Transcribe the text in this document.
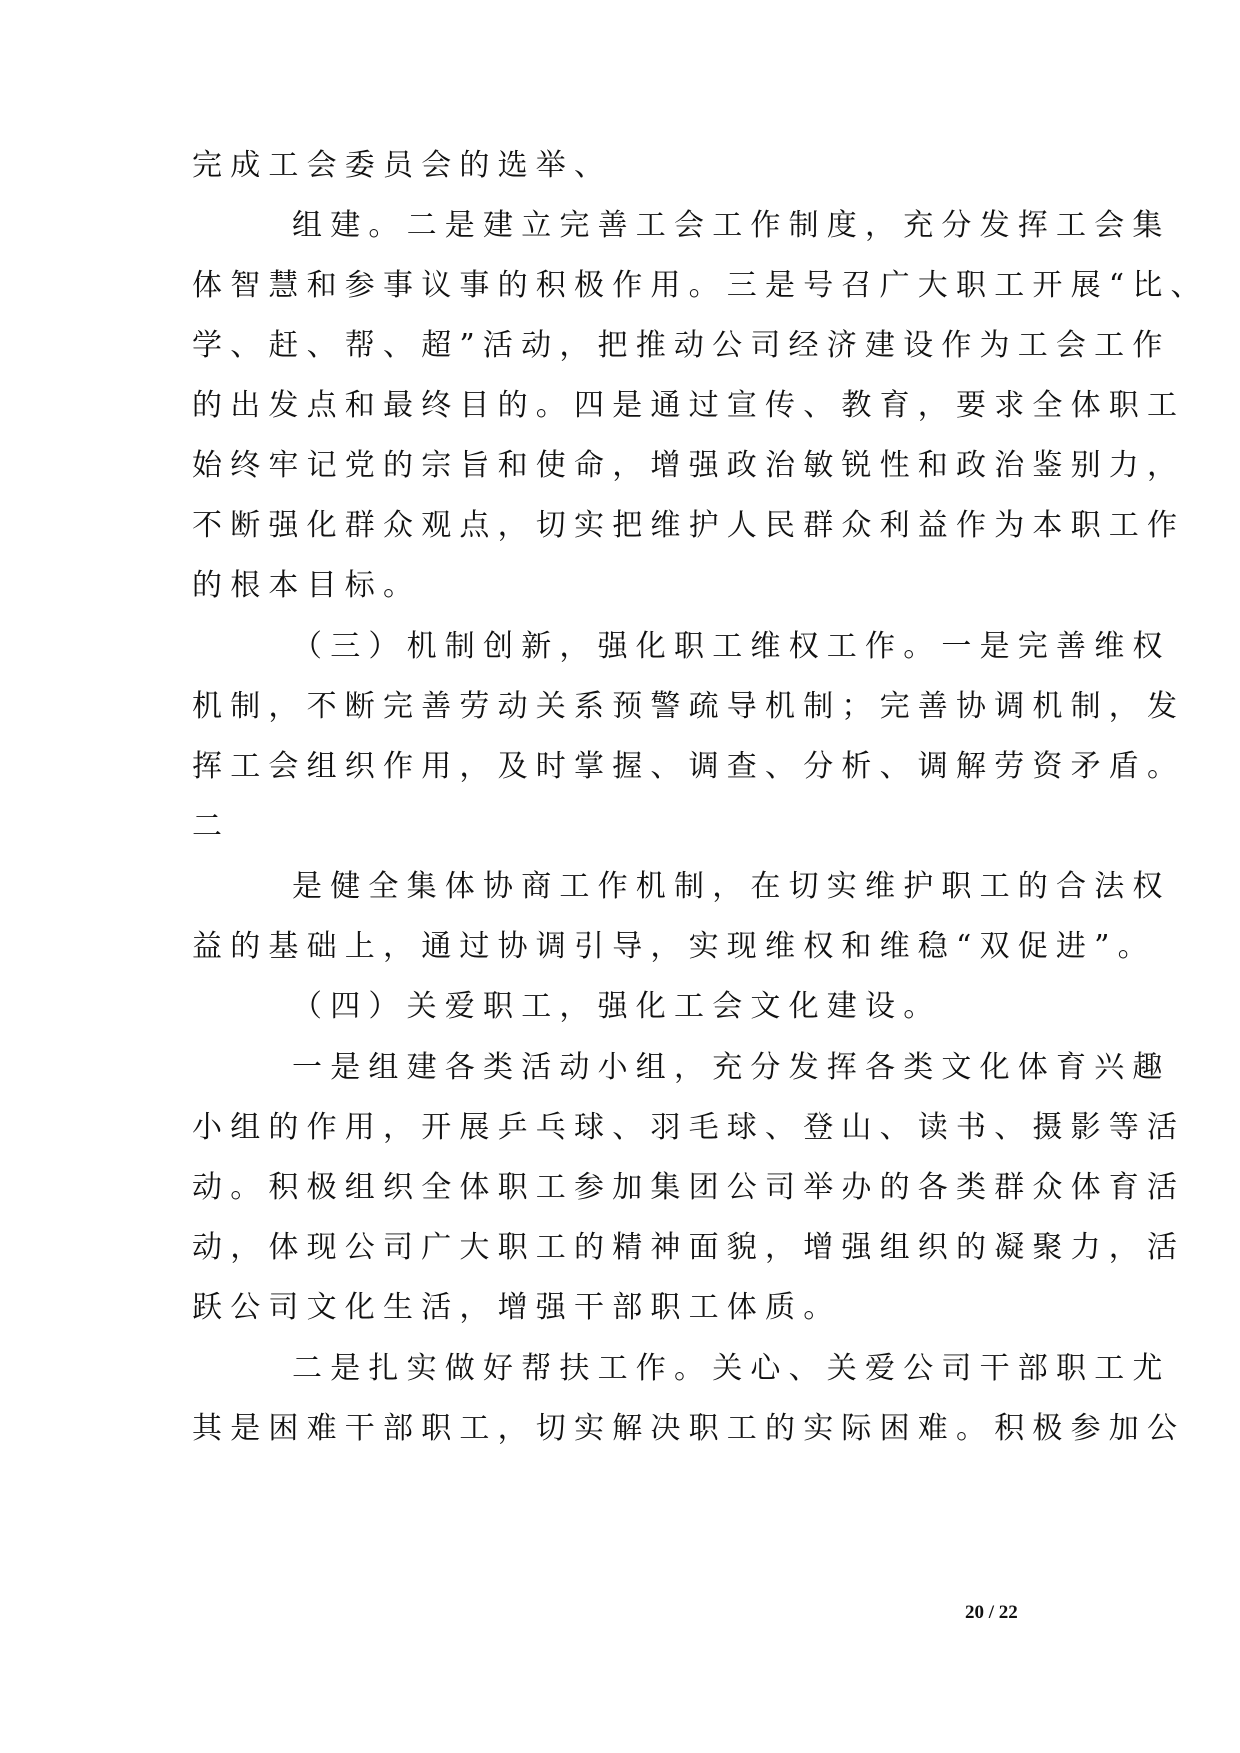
完成工会委员会的选举、
组建。二是建立完善工会工作制度，充分发挥工会集
体智慧和参事议事的积极作用。三是号召广大职工开展“比、
学、赶、帮、超”活动，把推动公司经济建设作为工会工作
的出发点和最终目的。四是通过宣传、教育，要求全体职工
始终牢记党的宗旨和使命，增强政治敏锐性和政治鉴别力，
不断强化群众观点，切实把维护人民群众利益作为本职工作
的根本目标。
（三）机制创新，强化职工维权工作。一是完善维权
机制，不断完善劳动关系预警疏导机制；完善协调机制，发
挥工会组织作用，及时掌握、调查、分析、调解劳资矛盾。
二
是健全集体协商工作机制，在切实维护职工的合法权
益的基础上，通过协调引导，实现维权和维稳“双促进”。
（四）关爱职工，强化工会文化建设。
一是组建各类活动小组，充分发挥各类文化体育兴趣
小组的作用，开展乒乓球、羽毛球、登山、读书、摄影等活
动。积极组织全体职工参加集团公司举办的各类群众体育活
动，体现公司广大职工的精神面貌，增强组织的凝聚力，活
跃公司文化生活，增强干部职工体质。
二是扎实做好帮扶工作。关心、关爱公司干部职工尤
其是困难干部职工，切实解决职工的实际困难。积极参加公
20 / 22
